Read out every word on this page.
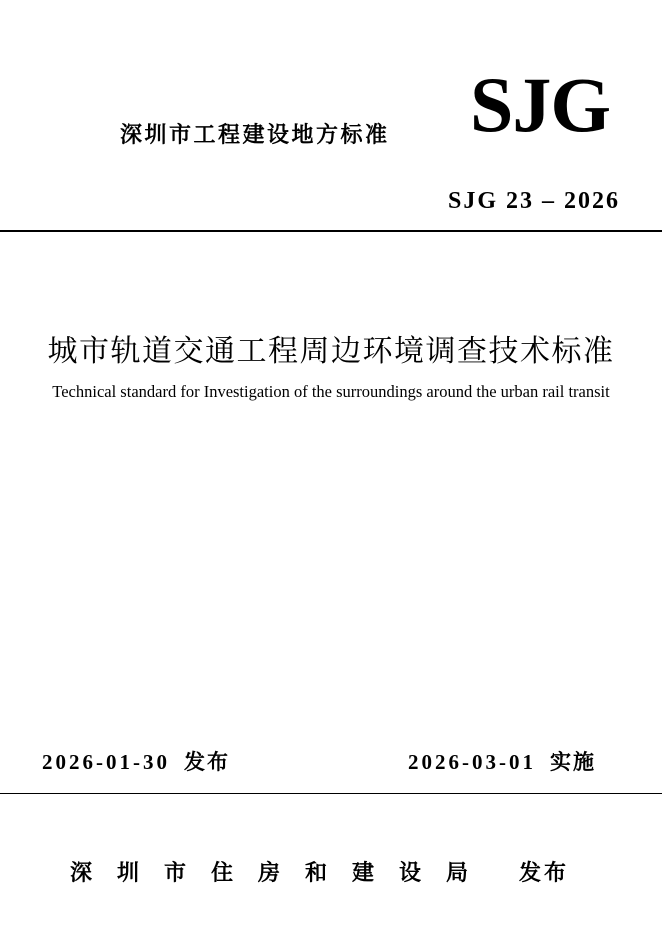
深圳市工程建设地方标准 SJG
SJG 23 – 2026
城市轨道交通工程周边环境调查技术标准
Technical standard for Investigation of the surroundings around the urban rail transit
2026-01-30 发布	2026-03-01 实施
深圳市住房和建设局 发布
